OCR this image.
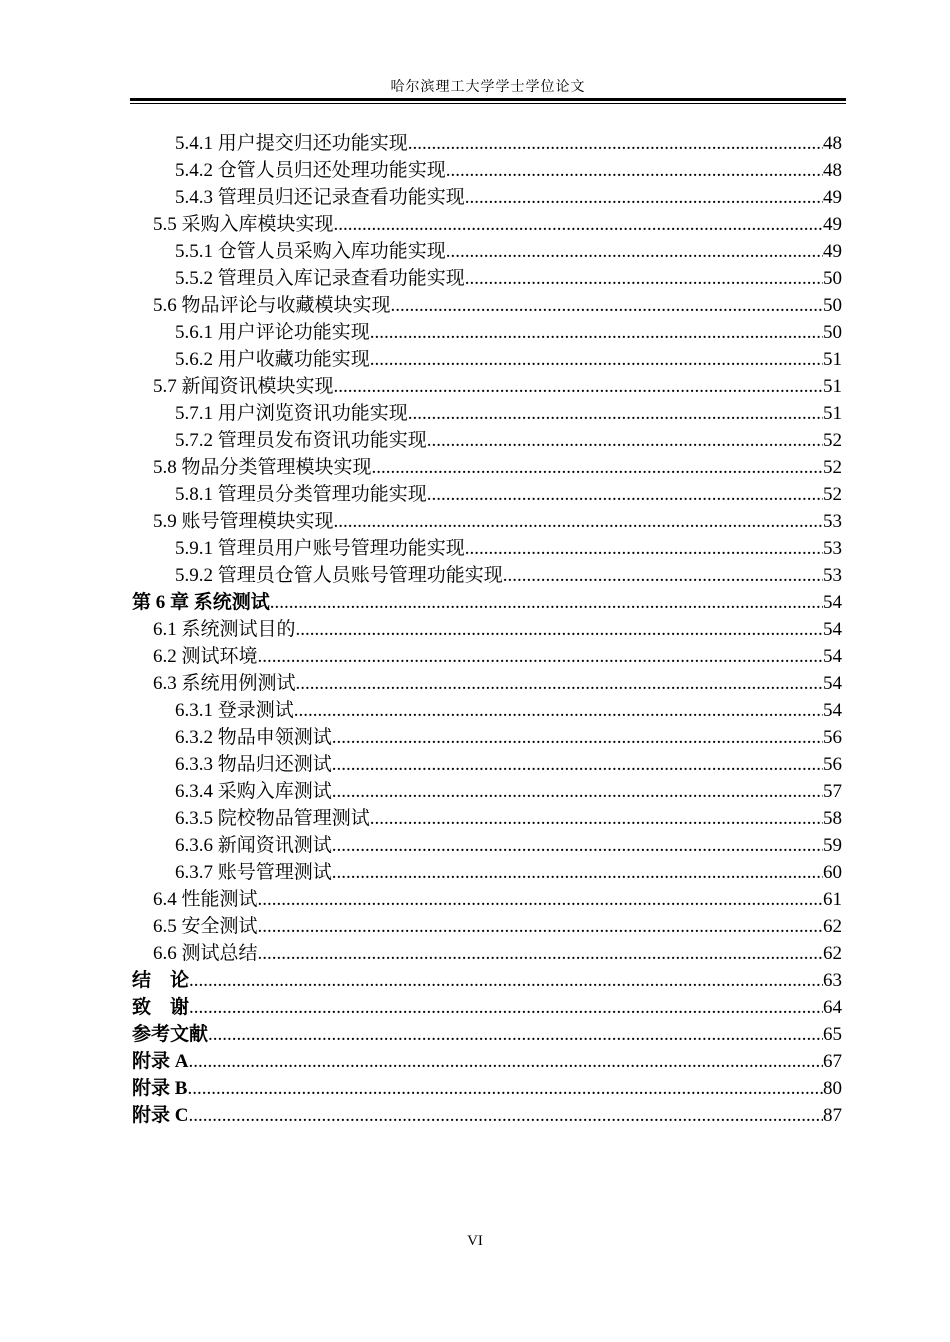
哈尔滨理工大学学士学位论文
5.4.1 用户提交归还功能实现 .....	48
5.4.2 仓管人员归还处理功能实现 .....	48
5.4.3 管理员归还记录查看功能实现 .....	49
5.5 采购入库模块实现 .....	49
5.5.1 仓管人员采购入库功能实现 .....	49
5.5.2 管理员入库记录查看功能实现 .....	50
5.6 物品评论与收藏模块实现 .....	50
5.6.1 用户评论功能实现 .....	50
5.6.2 用户收藏功能实现 .....	51
5.7 新闻资讯模块实现 .....	51
5.7.1 用户浏览资讯功能实现 .....	51
5.7.2 管理员发布资讯功能实现 .....	52
5.8 物品分类管理模块实现 .....	52
5.8.1 管理员分类管理功能实现 .....	52
5.9 账号管理模块实现 .....	53
5.9.1 管理员用户账号管理功能实现 .....	53
5.9.2 管理员仓管人员账号管理功能实现 .....	53
第 6 章 系统测试 .....	54
6.1 系统测试目的 .....	54
6.2 测试环境 .....	54
6.3 系统用例测试 .....	54
6.3.1 登录测试 .....	54
6.3.2 物品申领测试 .....	56
6.3.3 物品归还测试 .....	56
6.3.4 采购入库测试 .....	57
6.3.5 院校物品管理测试 .....	58
6.3.6 新闻资讯测试 .....	59
6.3.7 账号管理测试 .....	60
6.4 性能测试 .....	61
6.5 安全测试 .....	62
6.6 测试总结 .....	62
结　论 .....	63
致　谢 .....	64
参考文献 .....	65
附录 A .....	67
附录 B .....	80
附录 C .....	87
VI
